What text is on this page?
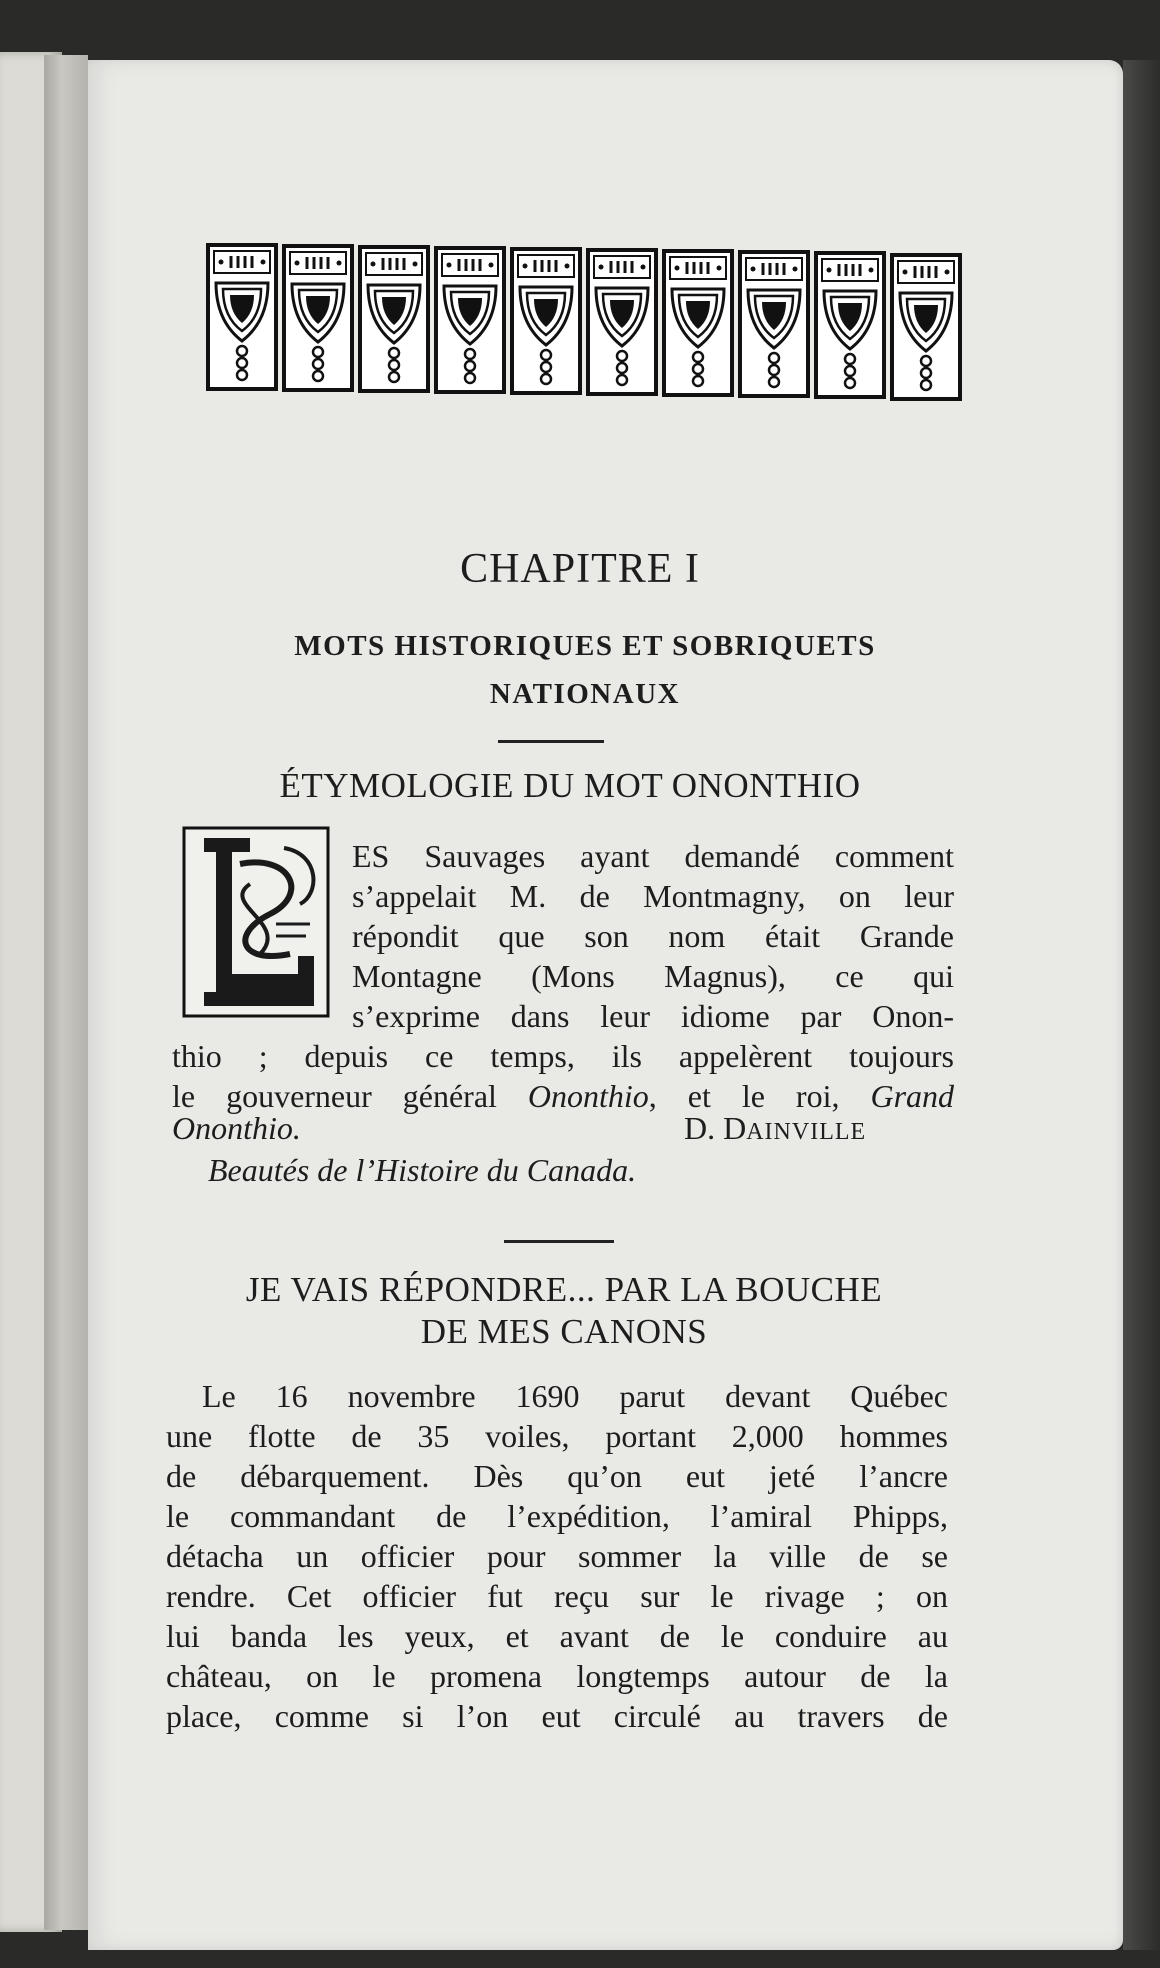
CHAPITRE I
MOTS HISTORIQUES ET SOBRIQUETS
NATIONAUX
ÉTYMOLOGIE DU MOT ONONTHIO
L
ES Sauvages ayant demandé comment
s’appelait M. de Montmagny, on leur
répondit que son nom était Grande
Montagne (Mons Magnus), ce qui
s’exprime dans leur idiome par Onon-
thio ; depuis ce temps, ils appelèrent toujours
le gouverneur général Ononthio, et le roi, Grand
Ononthio.	D. DAINVILLE
Beautés de l’Histoire du Canada.
JE VAIS RÉPONDRE... PAR LA BOUCHE
DE MES CANONS
Le 16 novembre 1690 parut devant Québec
une flotte de 35 voiles, portant 2,000 hommes
de débarquement. Dès qu’on eut jeté l’ancre
le commandant de l’expédition, l’amiral Phipps,
détacha un officier pour sommer la ville de se
rendre. Cet officier fut reçu sur le rivage ; on
lui banda les yeux, et avant de le conduire au
château, on le promena longtemps autour de la
place, comme si l’on eut circulé au travers de
